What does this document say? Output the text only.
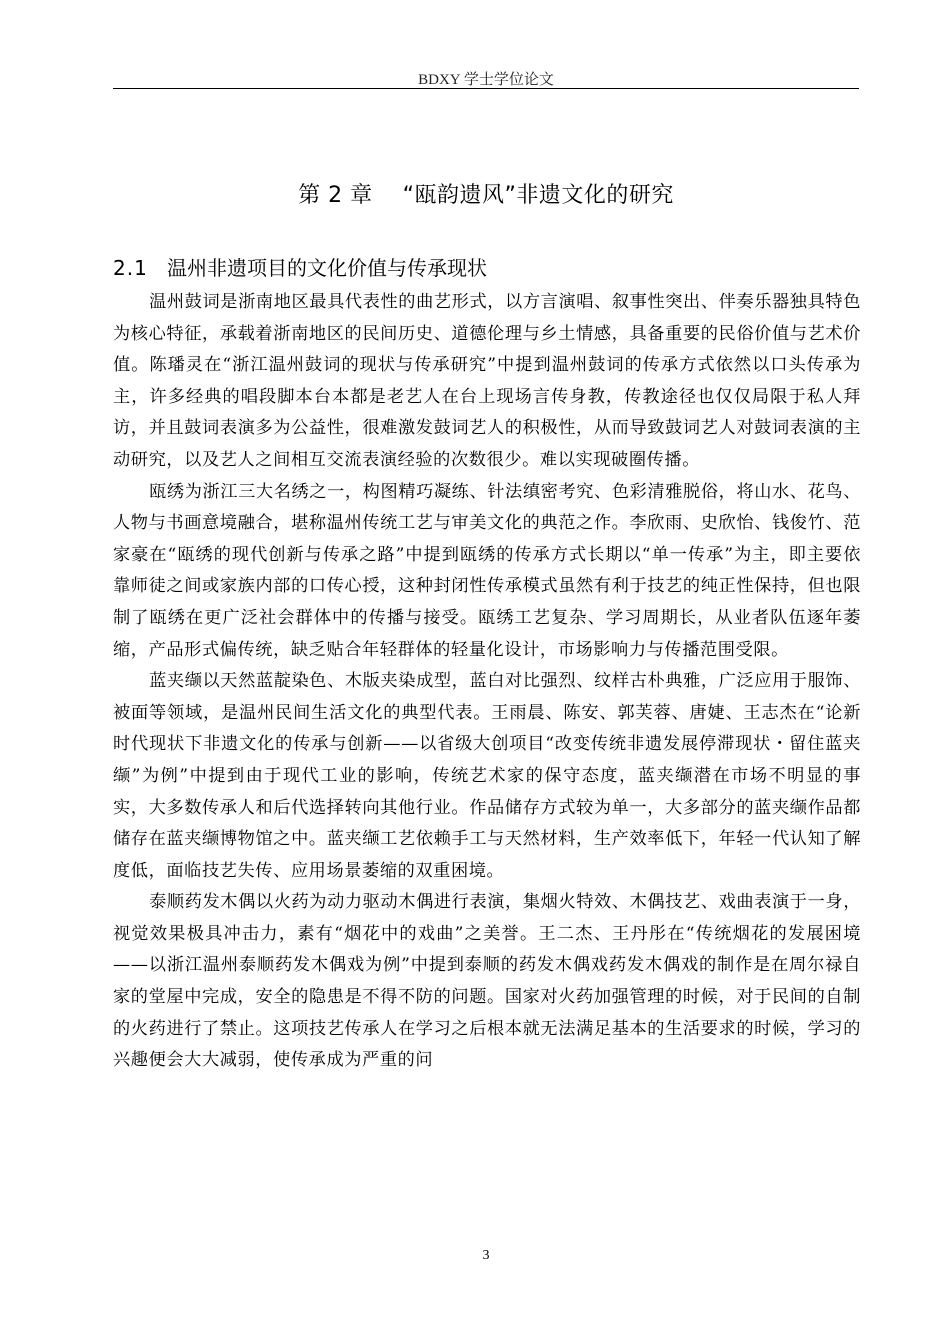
BDXY 学士学位论文
第 2 章 “瓯韵遗风”非遗文化的研究
2.1 温州非遗项目的文化价值与传承现状

温州鼓词是浙南地区最具代表性的曲艺形式，以方言演唱、叙事性突出、伴奏乐器独具特色为核心特征，承载着浙南地区的民间历史、道德伦理与乡土情感，具备重要的民俗价值与艺术价值。陈璠灵在“浙江温州鼓词的现状与传承研究”中提到温州鼓词的传承方式依然以口头传承为主，许多经典的唱段脚本台本都是老艺人在台上现场言传身教，传教途径也仅仅局限于私人拜访，并且鼓词表演多为公益性，很难激发鼓词艺人的积极性，从而导致鼓词艺人对鼓词表演的主动研究，以及艺人之间相互交流表演经验的次数很少。难以实现破圈传播。

瓯绣为浙江三大名绣之一，构图精巧凝练、针法缜密考究、色彩清雅脱俗，将山水、花鸟、人物与书画意境融合，堪称温州传统工艺与审美文化的典范之作。李欣雨、史欣怡、钱俊竹、范家豪在“瓯绣的现代创新与传承之路”中提到瓯绣的传承方式长期以“单一传承”为主，即主要依靠师徒之间或家族内部的口传心授，这种封闭性传承模式虽然有利于技艺的纯正性保持，但也限制了瓯绣在更广泛社会群体中的传播与接受。瓯绣工艺复杂、学习周期长，从业者队伍逐年萎缩，产品形式偏传统，缺乏贴合年轻群体的轻量化设计，市场影响力与传播范围受限。

蓝夹缬以天然蓝靛染色、木版夹染成型，蓝白对比强烈、纹样古朴典雅，广泛应用于服饰、被面等领域，是温州民间生活文化的典型代表。王雨晨、陈安、郭芙蓉、唐婕、王志杰在“论新时代现状下非遗文化的传承与创新——以省级大创项目“改变传统非遗发展停滞现状・留住蓝夹缬”为例”中提到由于现代工业的影响，传统艺术家的保守态度，蓝夹缬潜在市场不明显的事实，大多数传承人和后代选择转向其他行业。作品储存方式较为单一，大多部分的蓝夹缬作品都储存在蓝夹缬博物馆之中。蓝夹缬工艺依赖手工与天然材料，生产效率低下，年轻一代认知了解度低，面临技艺失传、应用场景萎缩的双重困境。

泰顺药发木偶以火药为动力驱动木偶进行表演，集烟火特效、木偶技艺、戏曲表演于一身，视觉效果极具冲击力，素有“烟花中的戏曲”之美誉。王二杰、王丹彤在“传统烟花的发展困境 ——以浙江温州泰顺药发木偶戏为例”中提到泰顺的药发木偶戏药发木偶戏的制作是在周尔禄自家的堂屋中完成，安全的隐患是不得不防的问题。国家对火药加强管理的时候，对于民间的自制的火药进行了禁止。这项技艺传承人在学习之后根本就无法满足基本的生活要求的时候，学习的兴趣便会大大减弱，使传承成为严重的问

3
